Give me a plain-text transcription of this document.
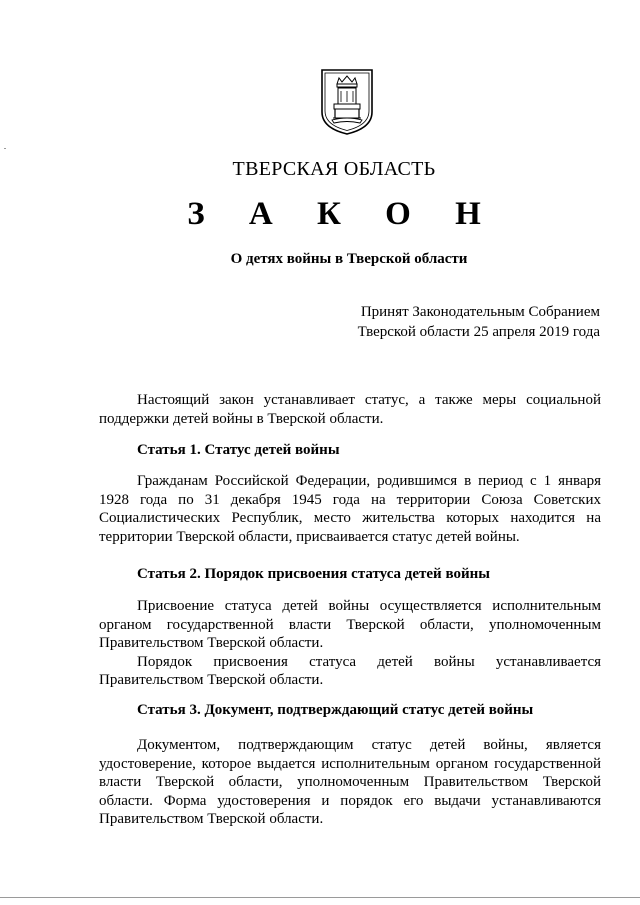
ТВЕРСКАЯ ОБЛАСТЬ
З А К О Н
О детях войны в Тверской области
Принят Законодательным Собранием
Тверской области 25 апреля 2019 года

Настоящий закон устанавливает статус, а также меры социальной поддержки детей войны в Тверской области.

Статья 1. Статус детей войны

Гражданам Российской Федерации, родившимся в период с 1 января 1928 года по 31 декабря 1945 года на территории Союза Советских Социалистических Республик, место жительства которых находится на территории Тверской области, присваивается статус детей войны.

Статья 2. Порядок присвоения статуса детей войны

Присвоение статуса детей войны осуществляется исполнительным органом государственной власти Тверской области, уполномоченным Правительством Тверской области.

Порядок присвоения статуса детей войны устанавливается Правительством Тверской области.

Статья 3. Документ, подтверждающий статус детей войны

Документом, подтверждающим статус детей войны, является удостоверение, которое выдается исполнительным органом государственной власти Тверской области, уполномоченным Правительством Тверской области. Форма удостоверения и порядок его выдачи устанавливаются Правительством Тверской области.
